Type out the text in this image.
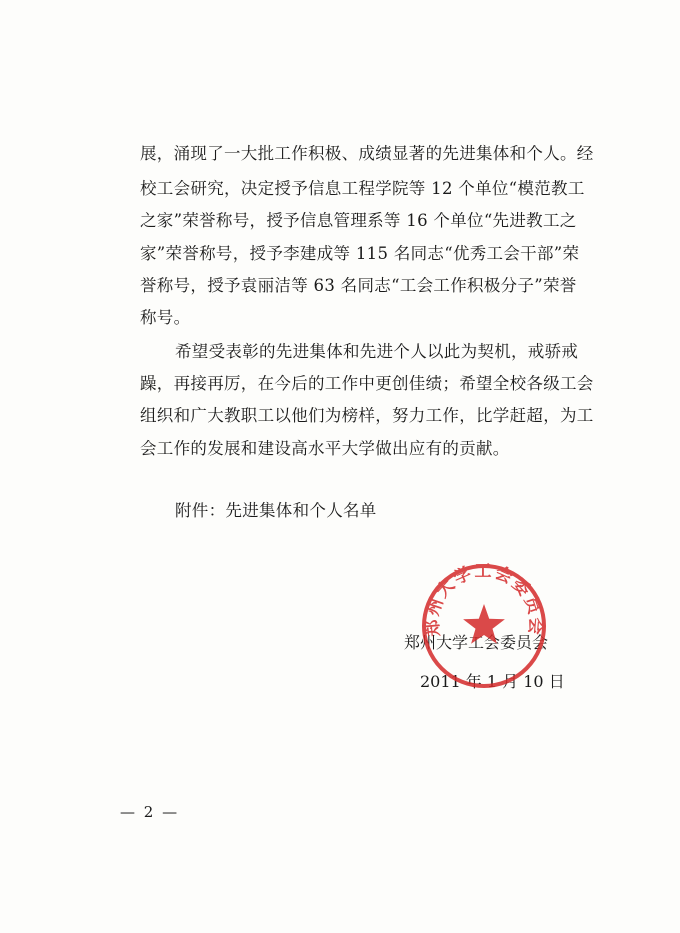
展，涌现了一大批工作积极、成绩显著的先进集体和个人。经
校工会研究，决定授予信息工程学院等 12 个单位“模范教工
之家”荣誉称号，授予信息管理系等 16 个单位“先进教工之
家”荣誉称号，授予李建成等 115 名同志“优秀工会干部”荣
誉称号，授予袁丽洁等 63 名同志“工会工作积极分子”荣誉
称号。
希望受表彰的先进集体和先进个人以此为契机，戒骄戒
躁，再接再厉，在今后的工作中更创佳绩；希望全校各级工会
组织和广大教职工以他们为榜样，努力工作，比学赶超，为工
会工作的发展和建设高水平大学做出应有的贡献。
附件：先进集体和个人名单
郑州大学工会委员会
郑州大学工会委员会
2011 年 1 月 10 日
— 2 —
